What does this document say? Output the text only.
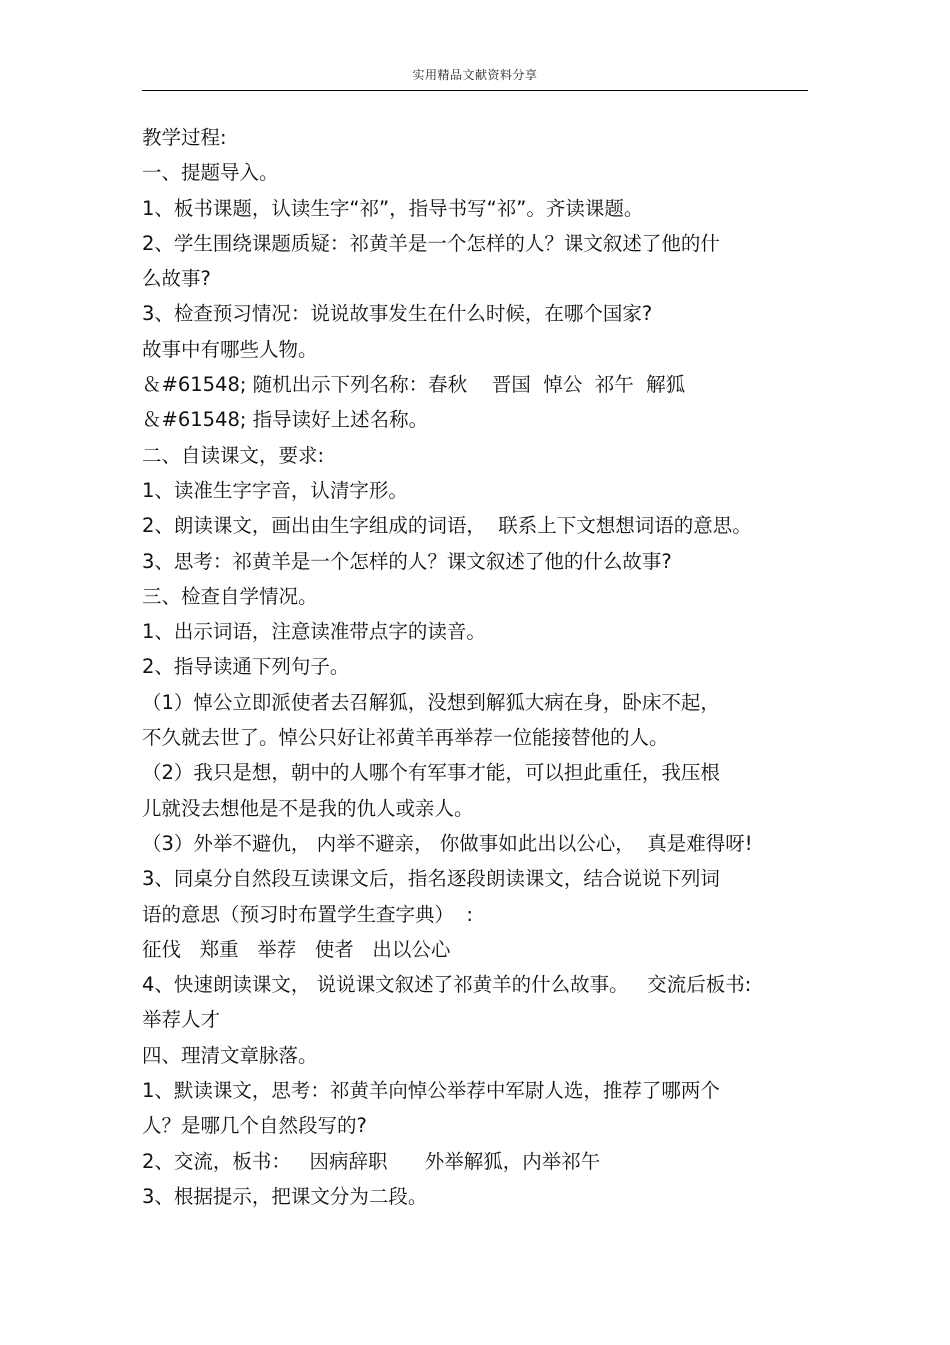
实用精品文献资料分享
教学过程:
一、提题导入。
1、板书课题，认读生字“祁”，指导书写“祁”。齐读课题。
2、学生围绕课题质疑：祁黄羊是一个怎样的人？课文叙述了他的什
么故事?
3、检查预习情况：说说故事发生在什么时候，在哪个国家?
故事中有哪些人物。
＆#61548; 随机出示下列名称：春秋    晋国  悼公  祁午  解狐
＆#61548; 指导读好上述名称。
二、自读课文，要求:
1、读准生字字音，认清字形。
2、朗读课文，画出由生字组成的词语，  联系上下文想想词语的意思。
3、思考：祁黄羊是一个怎样的人？课文叙述了他的什么故事?
三、检查自学情况。
1、出示词语，注意读准带点字的读音。
2、指导读通下列句子。
（1）悼公立即派使者去召解狐，没想到解狐大病在身，卧床不起，
不久就去世了。悼公只好让祁黄羊再举荐一位能接替他的人。
（2）我只是想，朝中的人哪个有军事才能，可以担此重任，我压根
儿就没去想他是不是我的仇人或亲人。
（3）外举不避仇， 内举不避亲， 你做事如此出以公心，  真是难得呀!
3、同桌分自然段互读课文后，指名逐段朗读课文，结合说说下列词
语的意思（预习时布置学生查字典）  :
征伐   郑重   举荐   使者   出以公心
4、快速朗读课文， 说说课文叙述了祁黄羊的什么故事。   交流后板书:
举荐人才
四、理清文章脉落。
1、默读课文，思考：祁黄羊向悼公举荐中军尉人选，推荐了哪两个
人？是哪几个自然段写的?
2、交流，板书：   因病辞职      外举解狐，内举祁午
3、根据提示，把课文分为二段。
